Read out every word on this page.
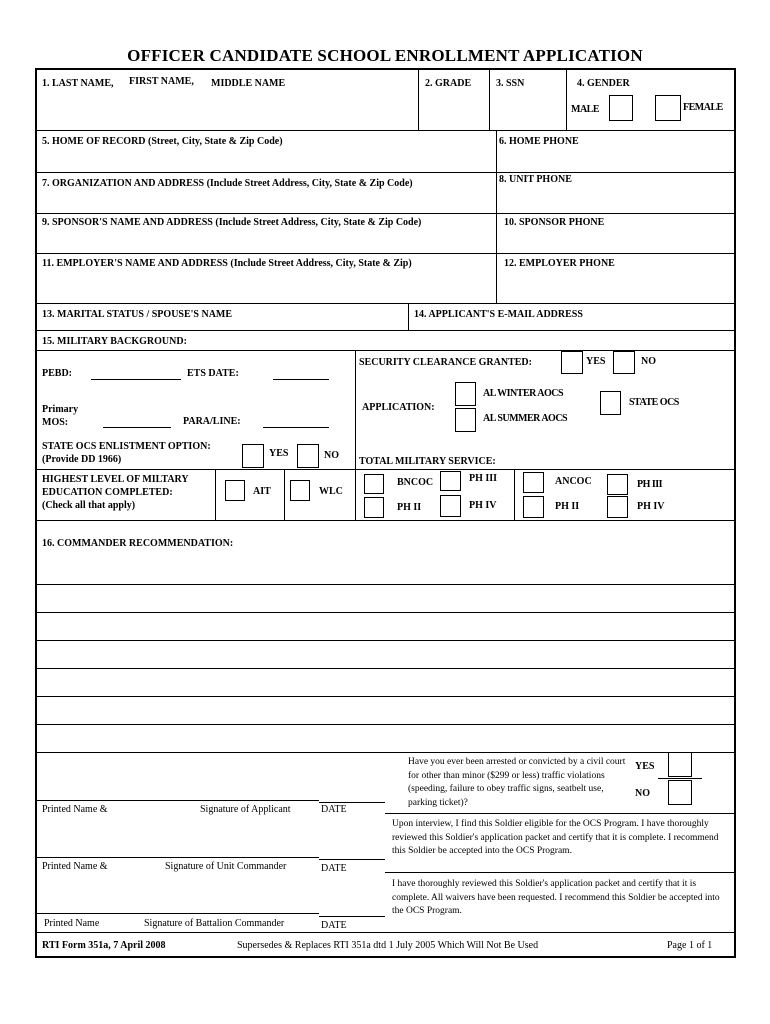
OFFICER CANDIDATE SCHOOL ENROLLMENT APPLICATION
1. LAST NAME, FIRST NAME, MIDDLE NAME	2. GRADE 3. SSN	4. GENDER
MALE	FEMALE
5. HOME OF RECORD (Street, City, State & Zip Code)	6. HOME PHONE
7. ORGANIZATION AND ADDRESS (Include Street Address, City, State & Zip Code)	8. UNIT PHONE
9. SPONSOR'S NAME AND ADDRESS (Include Street Address, City, State & Zip Code)	10. SPONSOR PHONE
11. EMPLOYER'S NAME AND ADDRESS (Include Street Address, City, State & Zip)	12. EMPLOYER PHONE
13. MARITAL STATUS / SPOUSE'S NAME	14. APPLICANT'S E-MAIL ADDRESS
15. MILITARY BACKGROUND:
PEBD:	ETS DATE:
Primary
MOS:	PARA/LINE:
STATE OCS ENLISTMENT OPTION:
(Provide DD 1966)
YES	NO
HIGHEST LEVEL OF MILTARY
EDUCATION COMPLETED:
(Check all that apply)
AIT	WLC
SECURITY CLEARANCE GRANTED:	YES	NO
APPLICATION:
AL WINTER AOCS
AL SUMMER AOCS
STATE OCS
TOTAL MILITARY SERVICE:
BNCOC	PH III
PH II	PH IV
ANCOC	PH III
PH II	PH IV
16. COMMANDER RECOMMENDATION:
Have you ever been arrested or convicted by a civil court for other than minor ($299 or less) traffic violations (speeding, failure to obey traffic signs, seatbelt use, parking ticket)?
YES
NO
Printed Name &	Signature of Applicant	DATE
Upon interview, I find this Soldier eligible for the OCS Program. I have thoroughly reviewed this Soldier's application packet and certify that it is complete. I recommend this Soldier be accepted into the OCS Program.
Printed Name &	Signature of Unit Commander	DATE
I have thoroughly reviewed this Soldier's application packet and certify that it is complete. All waivers have been requested. I recommend this Soldier be accepted into the OCS Program.
Printed Name	Signature of Battalion Commander	DATE
RTI Form 351a, 7 April 2008	Supersedes & Replaces RTI 351a dtd 1 July 2005 Which Will Not Be Used	Page 1 of 1
